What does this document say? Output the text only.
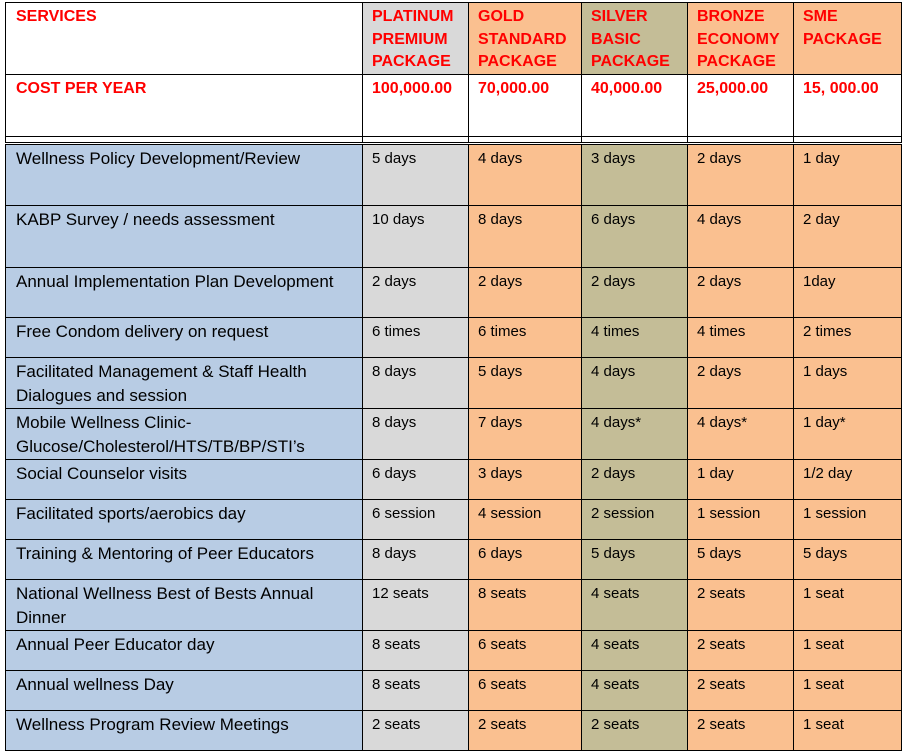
SERVICES	PLATINUM PREMIUM PACKAGE	GOLD STANDARD PACKAGE	SILVER BASIC PACKAGE	BRONZE ECONOMY PACKAGE	SME PACKAGE
COST PER YEAR	100,000.00	70,000.00	40,000.00	25,000.00	15, 000.00

Wellness Policy Development/Review	5 days	4 days	3 days	2 days	1 day
KABP Survey / needs assessment	10 days	8 days	6 days	4 days	2 day
Annual Implementation Plan Development	2 days	2 days	2 days	2 days	1day
Free Condom delivery on request	6 times	6 times	4 times	4 times	2 times
Facilitated Management & Staff Health Dialogues and session	8 days	5 days	4 days	2 days	1 days
Mobile Wellness Clinic-Glucose/Cholesterol/HTS/TB/BP/STI’s	8 days	7 days	4 days*	4 days*	1 day*
Social Counselor visits	6 days	3 days	2 days	1 day	1/2 day
Facilitated sports/aerobics day	6 session	4 session	2 session	1 session	1 session
Training & Mentoring of Peer Educators	8 days	6 days	5 days	5 days	5 days
National Wellness Best of Bests Annual Dinner	12 seats	8 seats	4 seats	2 seats	1 seat
Annual Peer Educator day	8 seats	6 seats	4 seats	2 seats	1 seat
Annual wellness Day	8 seats	6 seats	4 seats	2 seats	1 seat
Wellness Program Review Meetings	2 seats	2 seats	2 seats	2 seats	1 seat
